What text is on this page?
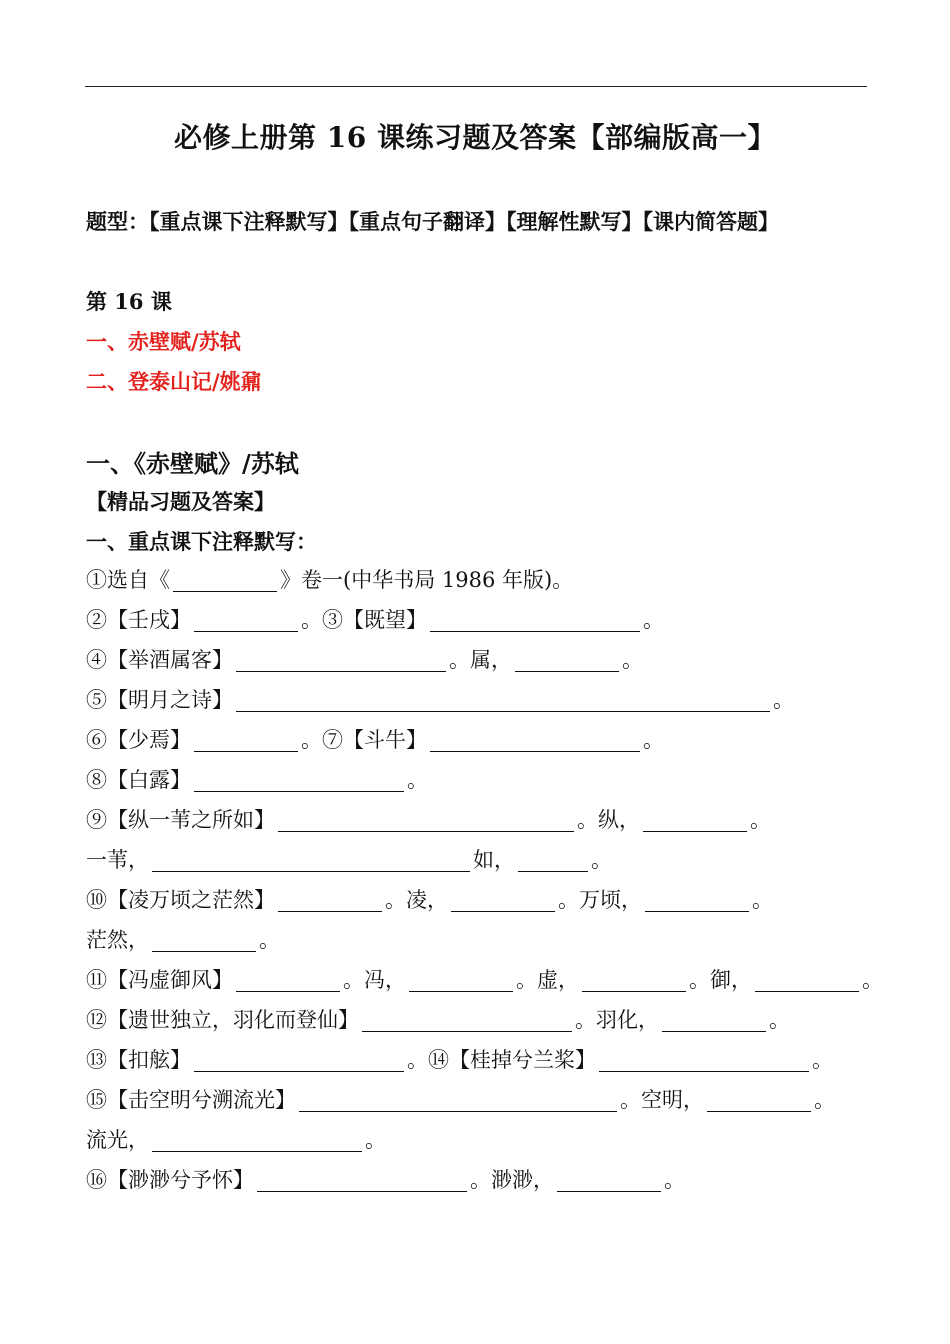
必修上册第 16 课练习题及答案【部编版高一】
题型：【重点课下注释默写】【重点句子翻译】【理解性默写】【课内简答题】
第 16 课
一、赤壁赋/苏轼
二、登泰山记/姚鼐
一、《赤壁赋》/苏轼
【精品习题及答案】
一、重点课下注释默写：
①选自《	》卷一(中华书局 1986 年版)。
②【壬戌】	。③【既望】	。
④【举酒属客】	。属，	。
⑤【明月之诗】	。
⑥【少焉】	。⑦【斗牛】	。
⑧【白露】	。
⑨【纵一苇之所如】	。纵，	。
一苇，	如，	。
⑩【凌万顷之茫然】	。凌，	。万顷，	。
茫然，	。
⑪【冯虚御风】	。冯，	。虚，	。御，	。
⑫【遗世独立，羽化而登仙】	。羽化，	。
⑬【扣舷】	。⑭【桂掉兮兰桨】	。
⑮【击空明兮溯流光】	。空明，	。
流光，	。
⑯【渺渺兮予怀】	。渺渺，	。
